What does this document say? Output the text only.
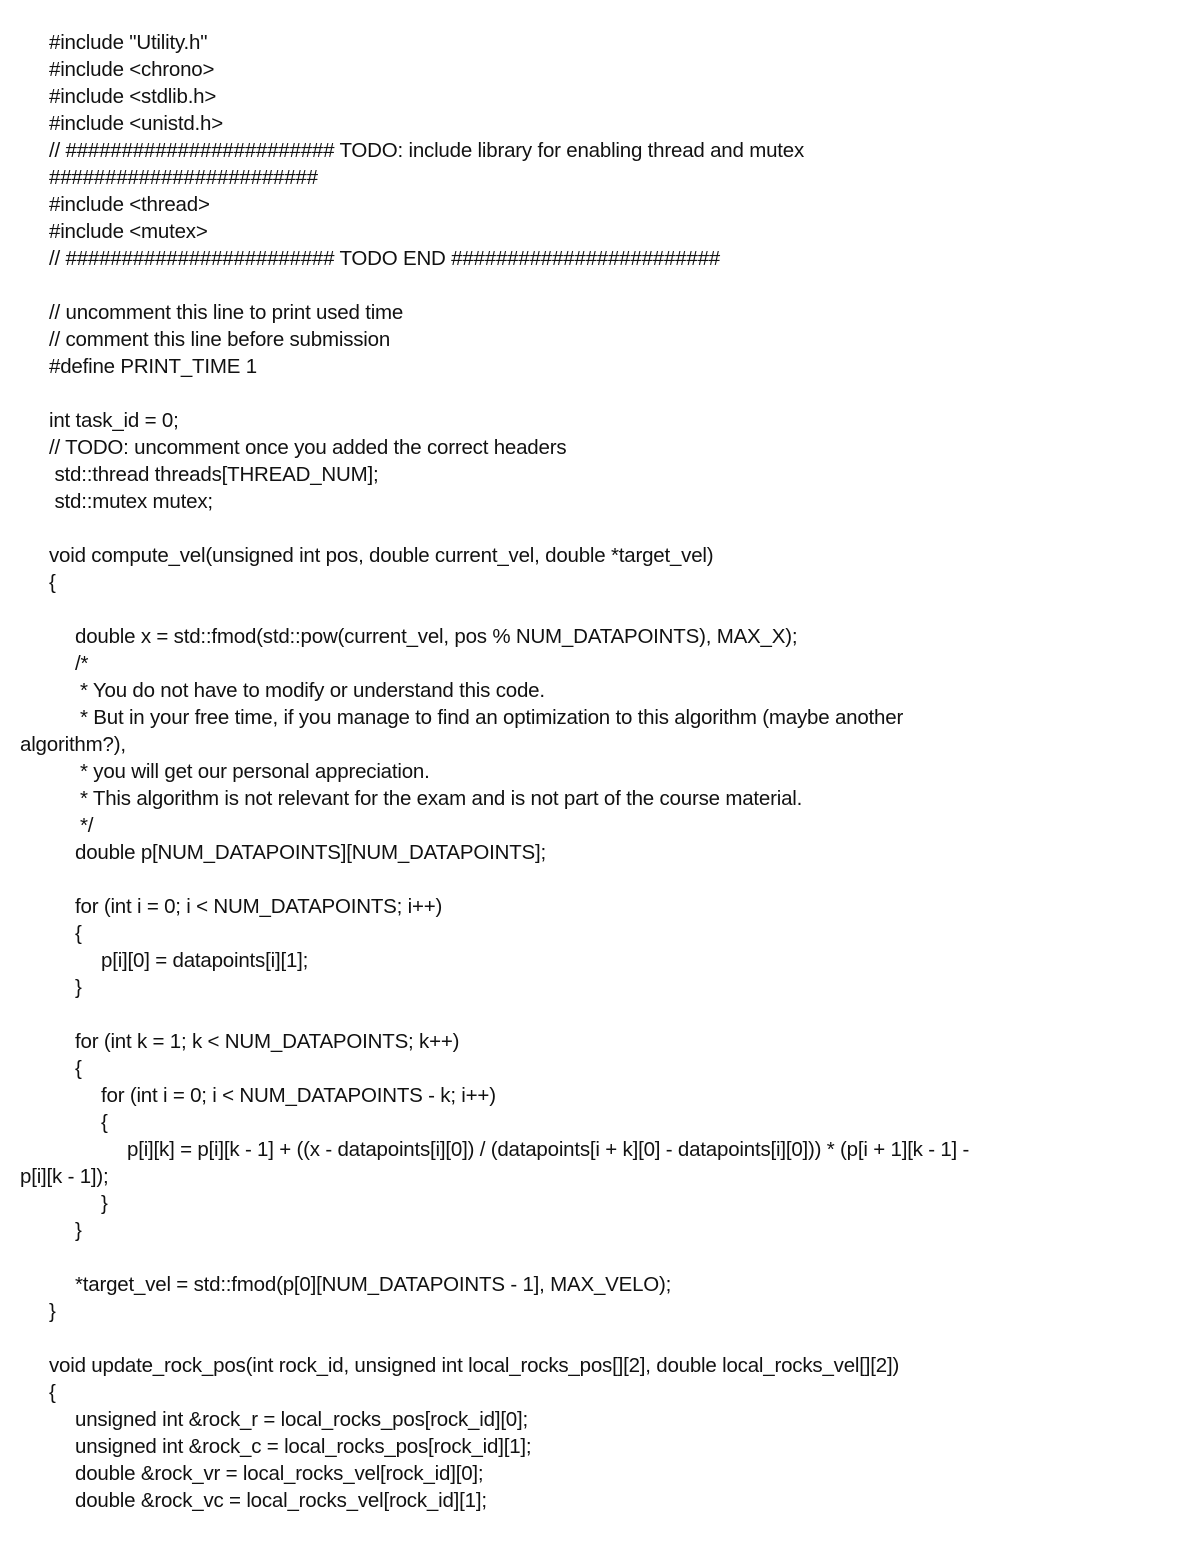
#include "Utility.h"
#include <chrono>
#include <stdlib.h>
#include <unistd.h>
// ######################## TODO: include library for enabling thread and mutex
########################
#include <thread>
#include <mutex>
// ######################## TODO END ########################
// uncomment this line to print used time
// comment this line before submission
#define PRINT_TIME 1
int task_id = 0;
// TODO: uncomment once you added the correct headers
std::thread threads[THREAD_NUM];
std::mutex mutex;
void compute_vel(unsigned int pos, double current_vel, double *target_vel)
{
double x = std::fmod(std::pow(current_vel, pos % NUM_DATAPOINTS), MAX_X);
/*
* You do not have to modify or understand this code.
* But in your free time, if you manage to find an optimization to this algorithm (maybe another
algorithm?),
* you will get our personal appreciation.
* This algorithm is not relevant for the exam and is not part of the course material.
*/
double p[NUM_DATAPOINTS][NUM_DATAPOINTS];
for (int i = 0; i < NUM_DATAPOINTS; i++)
{
p[i][0] = datapoints[i][1];
}
for (int k = 1; k < NUM_DATAPOINTS; k++)
{
for (int i = 0; i < NUM_DATAPOINTS - k; i++)
{
p[i][k] = p[i][k - 1] + ((x - datapoints[i][0]) / (datapoints[i + k][0] - datapoints[i][0])) * (p[i + 1][k - 1] -
p[i][k - 1]);
}
}
*target_vel = std::fmod(p[0][NUM_DATAPOINTS - 1], MAX_VELO);
}
void update_rock_pos(int rock_id, unsigned int local_rocks_pos[][2], double local_rocks_vel[][2])
{
unsigned int &rock_r = local_rocks_pos[rock_id][0];
unsigned int &rock_c = local_rocks_pos[rock_id][1];
double &rock_vr = local_rocks_vel[rock_id][0];
double &rock_vc = local_rocks_vel[rock_id][1];
